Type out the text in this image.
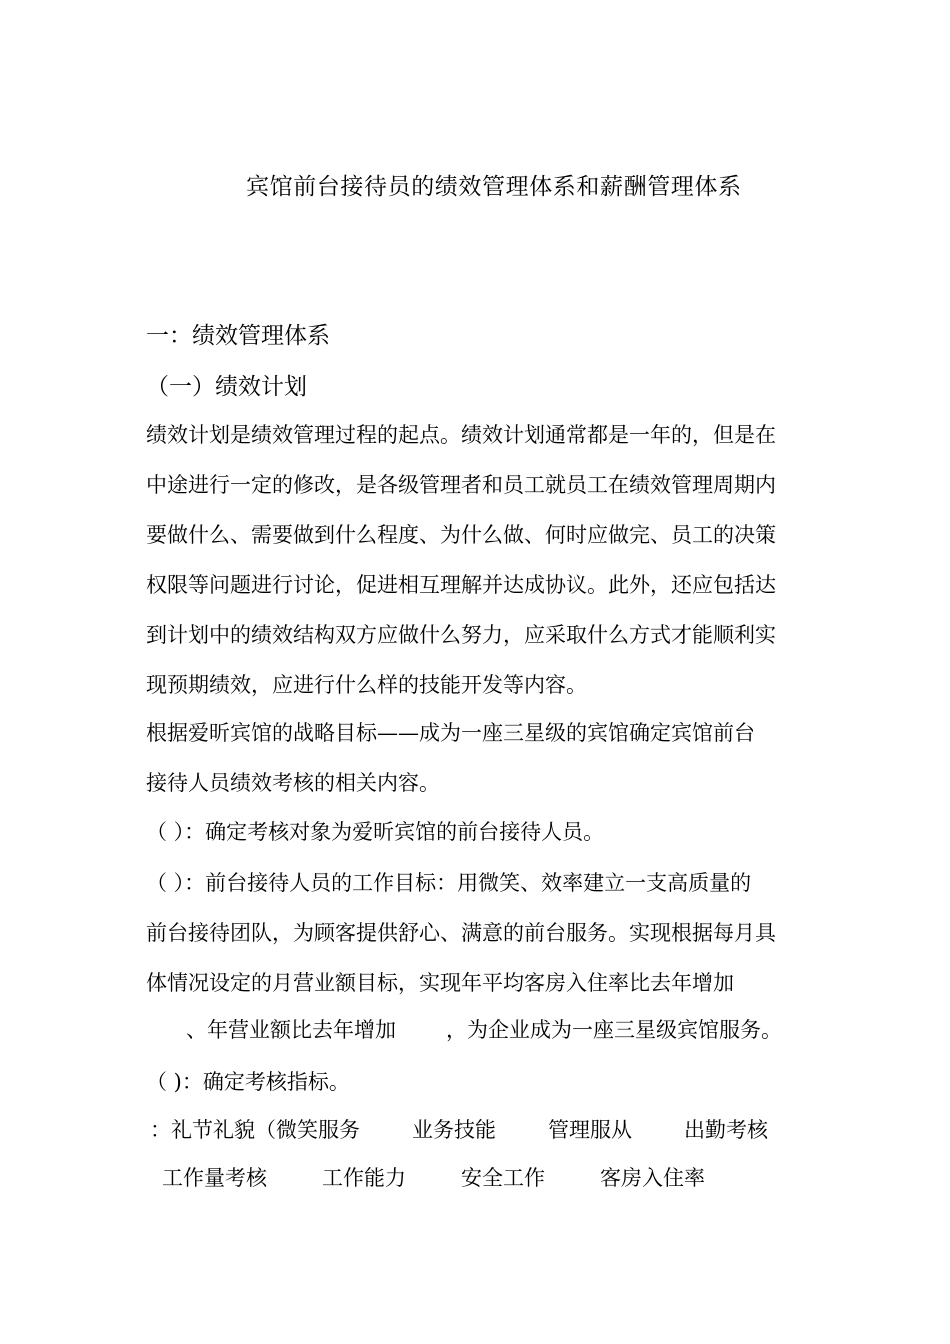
宾馆前台接待员的绩效管理体系和薪酬管理体系
一：绩效管理体系
（一）绩效计划
绩效计划是绩效管理过程的起点。绩效计划通常都是一年的，但是在
中途进行一定的修改，是各级管理者和员工就员工在绩效管理周期内
要做什么、需要做到什么程度、为什么做、何时应做完、员工的决策
权限等问题进行讨论，促进相互理解并达成协议。此外，还应包括达
到计划中的绩效结构双方应做什么努力，应采取什么方式才能顺利实
现预期绩效，应进行什么样的技能开发等内容。
根据爱昕宾馆的战略目标——成为一座三星级的宾馆确定宾馆前台
接待人员绩效考核的相关内容。
（ ）：确定考核对象为爱昕宾馆的前台接待人员。
（ ）：前台接待人员的工作目标：用微笑、效率建立一支高质量的
前台接待团队，为顾客提供舒心、满意的前台服务。实现根据每月具
体情况设定的月营业额目标，实现年平均客房入住率比去年增加
、年营业额比去年增加 ，为企业成为一座三星级宾馆服务。
（ )：确定考核指标。
：礼节礼貌（微笑服务 业务技能 管理服从 出勤考核
工作量考核	工作能力	安全工作	客房入住率
